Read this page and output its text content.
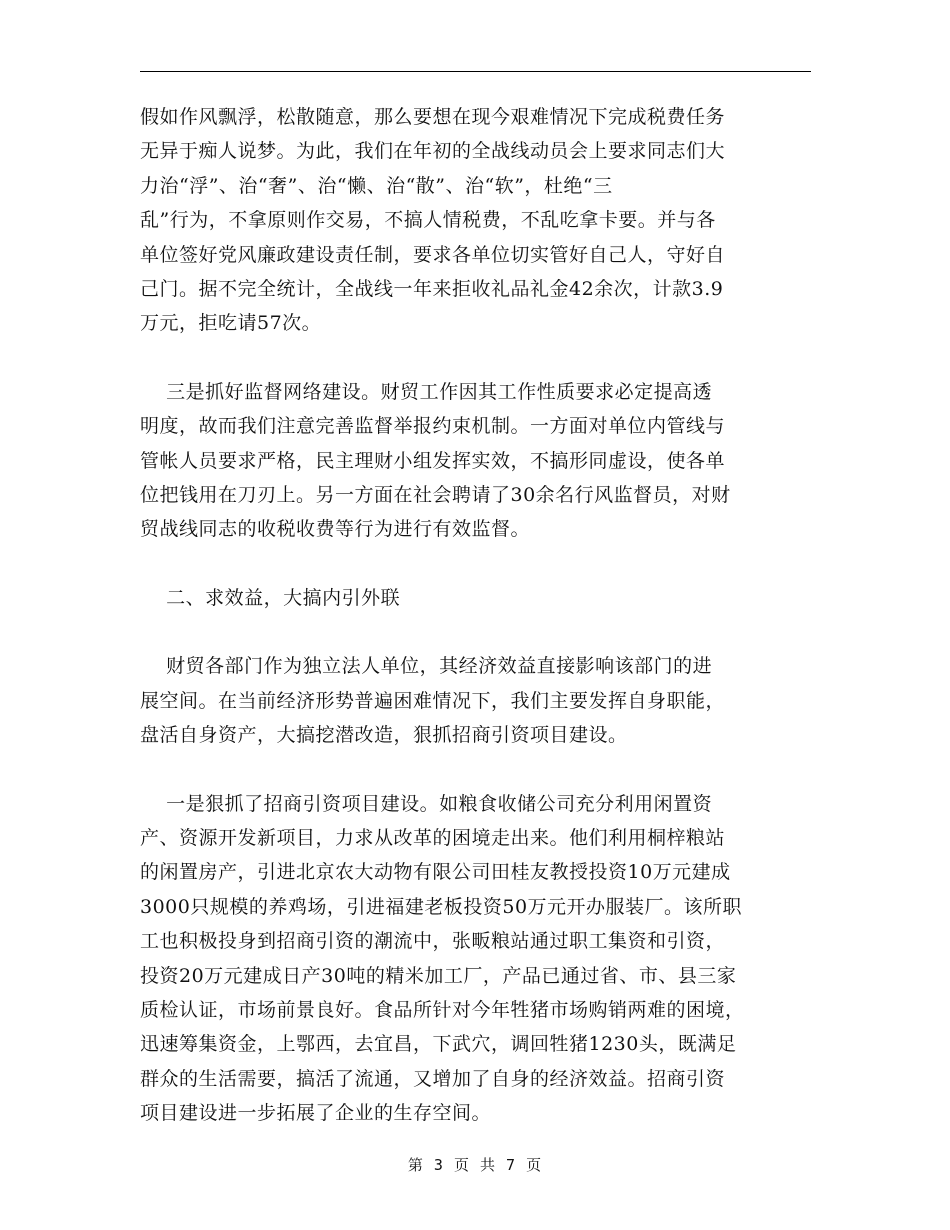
假如作风飘浮，松散随意，那么要想在现今艰难情况下完成税费任务
无异于痴人说梦。为此，我们在年初的全战线动员会上要求同志们大
力治“浮”、治“奢”、治“懒、治“散”、治“软”，杜绝“三
乱”行为，不拿原则作交易，不搞人情税费，不乱吃拿卡要。并与各
单位签好党风廉政建设责任制，要求各单位切实管好自己人，守好自
己门。据不完全统计，全战线一年来拒收礼品礼金42余次，计款3.9
万元，拒吃请57次。

三是抓好监督网络建设。财贸工作因其工作性质要求必定提高透
明度，故而我们注意完善监督举报约束机制。一方面对单位内管线与
管帐人员要求严格，民主理财小组发挥实效，不搞形同虚设，使各单
位把钱用在刀刃上。另一方面在社会聘请了30余名行风监督员，对财
贸战线同志的收税收费等行为进行有效监督。

二、求效益，大搞内引外联

财贸各部门作为独立法人单位，其经济效益直接影响该部门的进
展空间。在当前经济形势普遍困难情况下，我们主要发挥自身职能，
盘活自身资产，大搞挖潜改造，狠抓招商引资项目建设。

一是狠抓了招商引资项目建设。如粮食收储公司充分利用闲置资
产、资源开发新项目，力求从改革的困境走出来。他们利用桐梓粮站
的闲置房产，引进北京农大动物有限公司田桂友教授投资10万元建成
3000只规模的养鸡场，引进福建老板投资50万元开办服装厂。该所职
工也积极投身到招商引资的潮流中，张畈粮站通过职工集资和引资，
投资20万元建成日产30吨的精米加工厂，产品已通过省、市、县三家
质检认证，市场前景良好。食品所针对今年牲猪市场购销两难的困境，
迅速筹集资金，上鄂西，去宜昌，下武穴，调回牲猪1230头，既满足
群众的生活需要，搞活了流通，又增加了自身的经济效益。招商引资
项目建设进一步拓展了企业的生存空间。

第 3 页 共 7 页
